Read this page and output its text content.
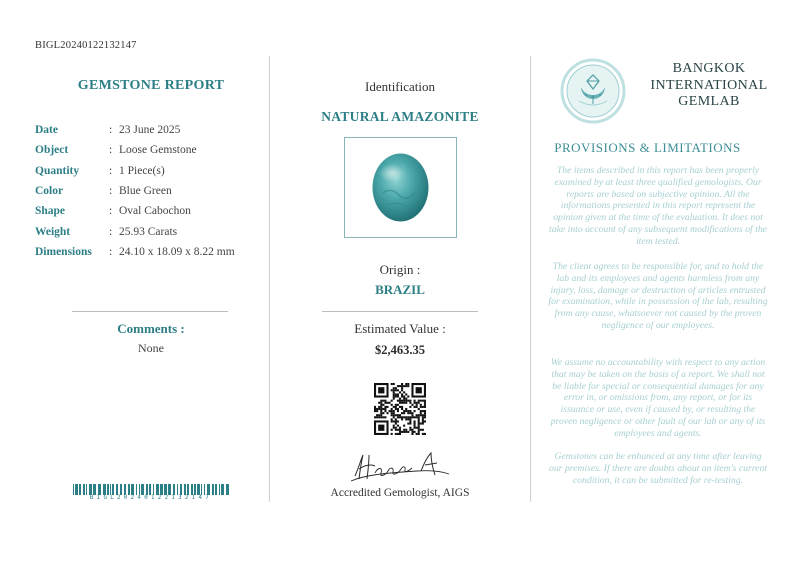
BIGL20240122132147
GEMSTONE REPORT
Date	: 23 June 2025
Object	: Loose Gemstone
Quantity	: 1 Piece(s)
Color	: Blue Green
Shape	: Oval Cabochon
Weight	: 25.93 Carats
Dimensions	: 24.10 x 18.09 x 8.22 mm
Comments :
None
BIGL20240122132147
Identification
NATURAL AMAZONITE
Origin :
BRAZIL
Estimated Value :
$2,463.35
Accredited Gemologist, AIGS
BANGKOK
INTERNATIONAL
GEMLAB
PROVISIONS & LIMITATIONS
The items described in this report has been properly examined by at least three qualified gemologists. Our reports are based on subjective opinion. All the informations presented in this report represent the opinion given at the time of the evaluation. It does not take into account of any subsequent modifications of the item tested.
The client agrees to be responsible for, and to hold the lab and its employees and agents harmless from any injury, loss, damage or destruction of articles entrusted for examination, while in possession of the lab, resulting from any cause, whatsoever not caused by the proven negligence of our employees.
We assume no accountability with respect to any action that may be taken on the basis of a report. We shall not be liable for special or consequential damages for any error in, or omissions from, any report, or for its issuance or use, even if caused by, or resulting the proven negligence or other fault of our lab or any of its employees and agents.
Gemstones can be enhanced at any time after leaving our premises. If there are doubts about an item's current condition, it can be submitted for re-testing.
